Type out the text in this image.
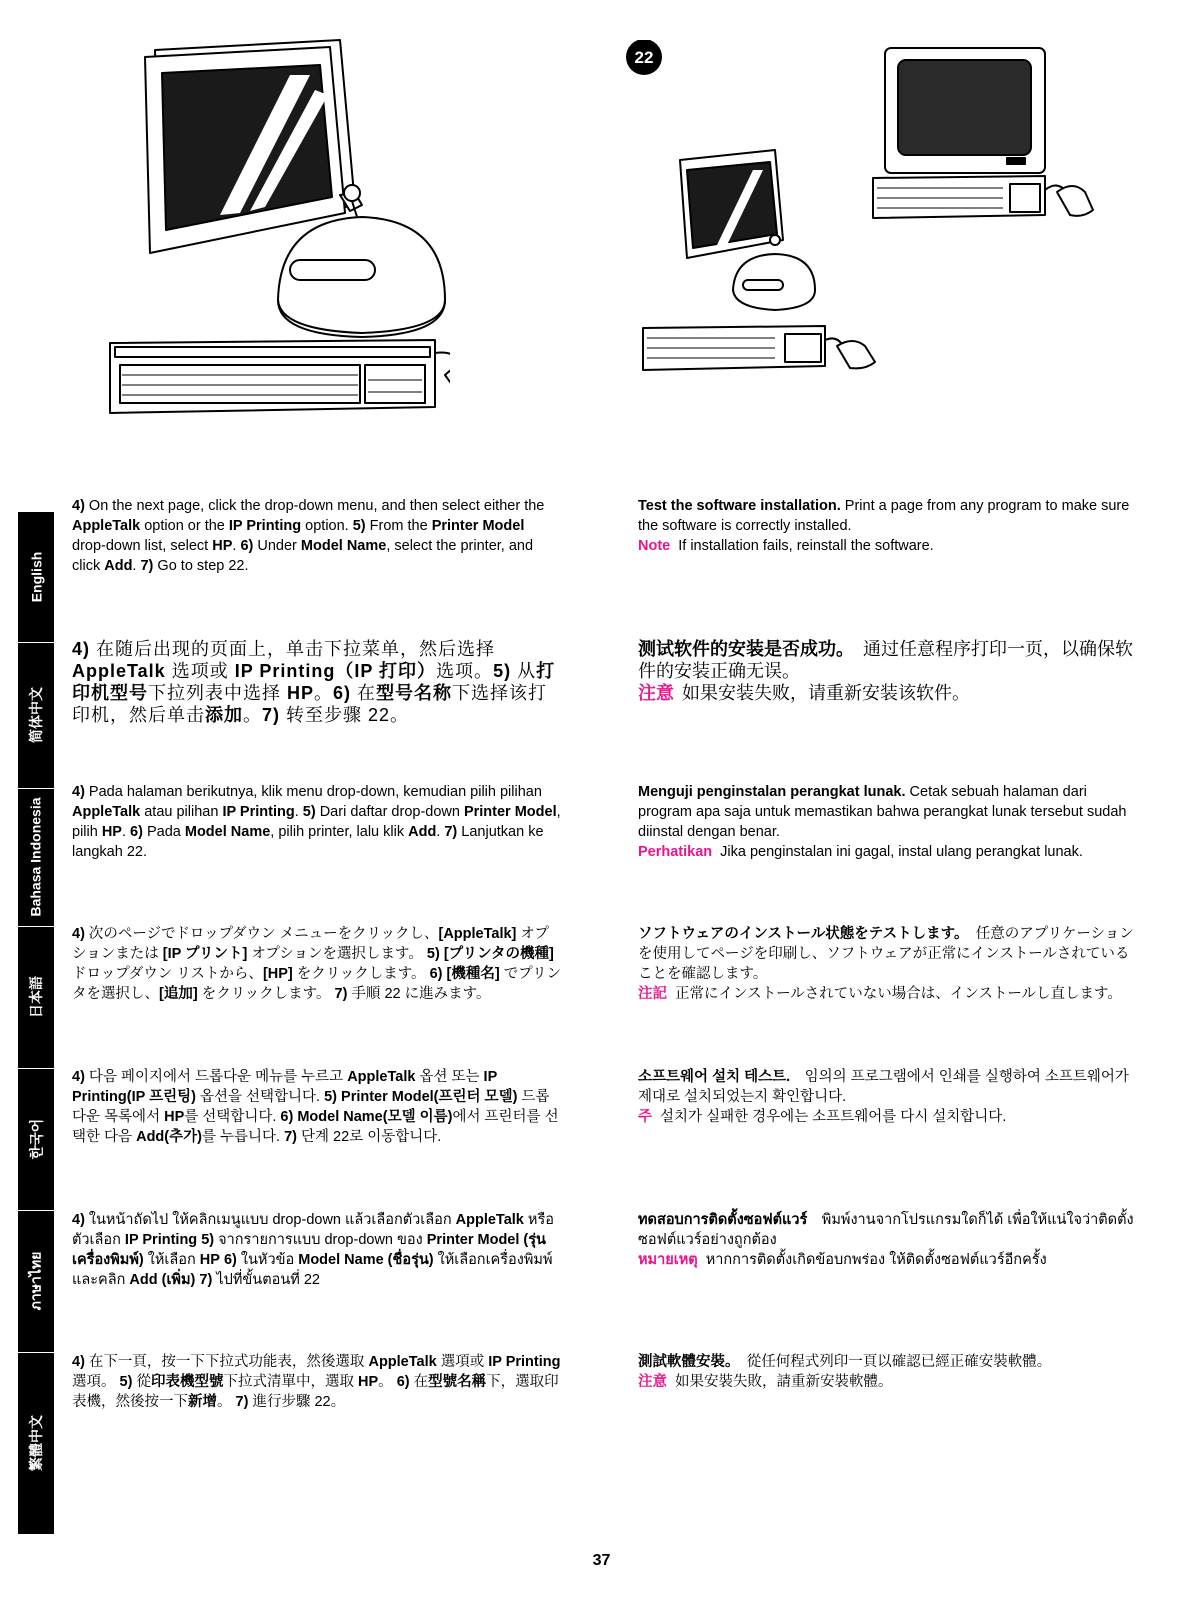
22
English
简体中文
Bahasa Indonesia
日本語
한국어
ภาษาไทย
繁體中文

4) On the next page, click the drop-down menu, and then select either the AppleTalk option or the IP Printing option. 5) From the Printer Model drop-down list, select HP. 6) Under Model Name, select the printer, and click Add. 7) Go to step 22.

Test the software installation. Print a page from any program to make sure the software is correctly installed.

Note If installation fails, reinstall the software.

4) 在随后出现的页面上，单击下拉菜单，然后选择 AppleTalk 选项或 IP Printing（IP 打印）选项。5) 从打印机型号下拉列表中选择 HP。6) 在型号名称下选择该打印机，然后单击添加。7) 转至步骤 22。

测试软件的安装是否成功。　通过任意程序打印一页，以确保软件的安装正确无误。

注意 如果安装失败，请重新安装该软件。

4) Pada halaman berikutnya, klik menu drop-down, kemudian pilih pilihan AppleTalk atau pilihan IP Printing. 5) Dari daftar drop-down Printer Model, pilih HP. 6) Pada Model Name, pilih printer, lalu klik Add. 7) Lanjutkan ke langkah 22.

Menguji penginstalan perangkat lunak. Cetak sebuah halaman dari program apa saja untuk memastikan bahwa perangkat lunak tersebut sudah diinstal dengan benar.

Perhatikan Jika penginstalan ini gagal, instal ulang perangkat lunak.

4) 次のページでドロップダウン メニューをクリックし、[AppleTalk] オプションまたは [IP プリント] オプションを選択します。 5) [プリンタの機種] ドロップダウン リストから、[HP] をクリックします。 6) [機種名] でプリンタを選択し、[追加] をクリックします。 7) 手順 22 に進みます。

ソフトウェアのインストール状態をテストします。　任意のアプリケーションを使用してページを印刷し、ソフトウェアが正常にインストールされていることを確認します。

注記 正常にインストールされていない場合は、インストールし直します。

4) 다음 페이지에서 드롭다운 메뉴를 누르고 AppleTalk 옵션 또는 IP Printing(IP 프린팅) 옵션을 선택합니다. 5) Printer Model(프린터 모델) 드롭다운 목록에서 HP를 선택합니다. 6) Model Name(모델 이름)에서 프린터를 선택한 다음 Add(추가)를 누릅니다. 7) 단계 22로 이동합니다.

소프트웨어 설치 테스트.　임의의 프로그램에서 인쇄를 실행하여 소프트웨어가 제대로 설치되었는지 확인합니다.

주 설치가 실패한 경우에는 소프트웨어를 다시 설치합니다.

4) ในหน้าถัดไป ให้คลิกเมนูแบบ drop-down แล้วเลือกตัวเลือก AppleTalk หรือตัวเลือก IP Printing 5) จากรายการแบบ drop-down ของ Printer Model (รุ่นเครื่องพิมพ์) ให้เลือก HP 6) ในหัวข้อ Model Name (ชื่อรุ่น) ให้เลือกเครื่องพิมพ์ และคลิก Add (เพิ่ม) 7) ไปที่ขั้นตอนที่ 22

ทดสอบการติดตั้งซอฟต์แวร์　พิมพ์งานจากโปรแกรมใดก็ได้ เพื่อให้แน่ใจว่าติดตั้งซอฟต์แวร์อย่างถูกต้อง

หมายเหตุ หากการติดตั้งเกิดข้อบกพร่อง ให้ติดตั้งซอฟต์แวร์อีกครั้ง

4) 在下一頁，按一下下拉式功能表，然後選取 AppleTalk 選項或 IP Printing 選項。 5) 從印表機型號下拉式清單中，選取 HP。 6) 在型號名稱下，選取印表機，然後按一下新增。 7) 進行步驟 22。

測試軟體安裝。　從任何程式列印一頁以確認已經正確安裝軟體。

注意 如果安裝失敗，請重新安裝軟體。

37
